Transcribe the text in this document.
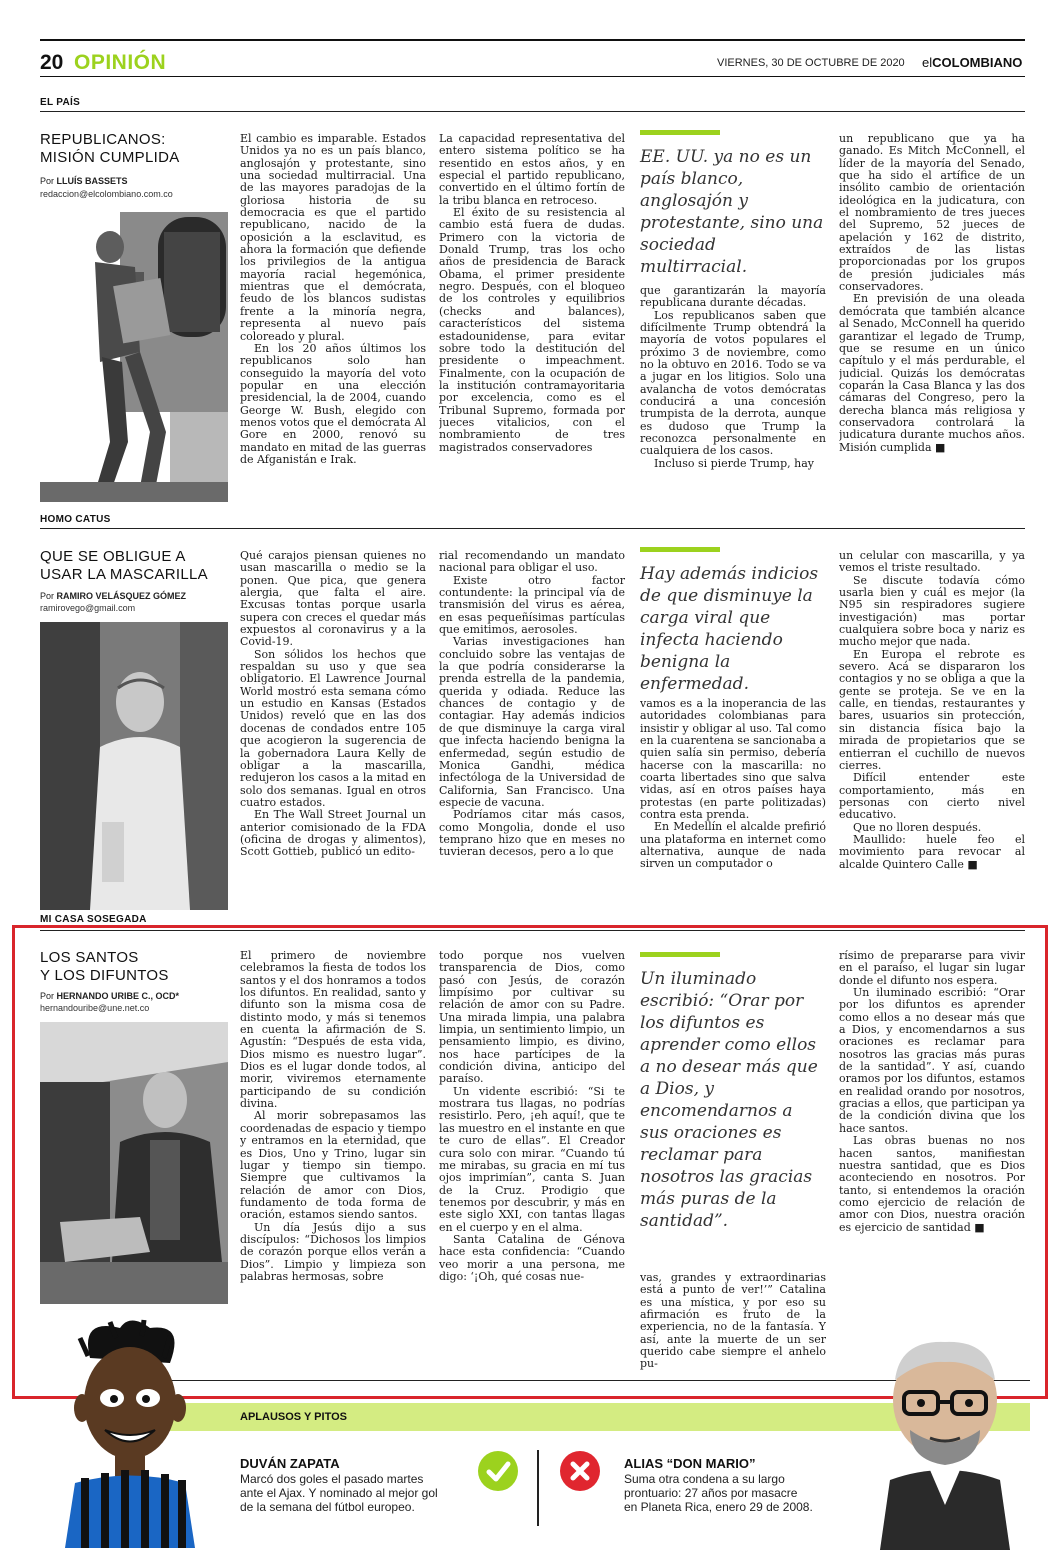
20 OPINIÓN	VIERNES, 30 DE OCTUBRE DE 2020 elCOLOMBIANO
EL PAÍS
REPUBLICANOS:
MISIÓN CUMPLIDA
Por LLUÍS BASSETS
redaccion@elcolombiano.com.co

El cambio es imparable. Estados Unidos ya no es un país blanco, anglosajón y protestante, sino una sociedad multirracial. Una de las mayores paradojas de la gloriosa historia de su democracia es que el partido republicano, nacido de la oposición a la esclavitud, es ahora la formación que defiende los privilegios de la antigua mayoría racial hegemónica, mientras que el demócrata, feudo de los blancos sudistas frente a la minoría negra, representa al nuevo país coloreado y plural.

En los 20 años últimos los republicanos solo han conseguido la mayoría del voto popular en una elección presidencial, la de 2004, cuando George W. Bush, elegido con menos votos que el demócrata Al Gore en 2000, renovó su mandato en mitad de las guerras de Afganistán e Irak.

La capacidad representativa del entero sistema político se ha resentido en estos años, y en especial el partido republicano, convertido en el último fortín de la tribu blanca en retroceso.

El éxito de su resistencia al cambio está fuera de dudas. Primero con la victoria de Donald Trump, tras los ocho años de presidencia de Barack Obama, el primer presidente negro. Después, con el bloqueo de los controles y equilibrios (checks and balances), característicos del sistema estadounidense, para evitar sobre todo la destitución del presidente o impeachment. Finalmente, con la ocupación de la institución contramayoritaria por excelencia, como es el Tribunal Supremo, formada por jueces vitalicios, con el nombramiento de tres magistrados conservadores

EE. UU. ya no es un país blanco, anglosajón y protestante, sino una sociedad multirracial.

que garantizarán la mayoría republicana durante décadas.

Los republicanos saben que difícilmente Trump obtendrá la mayoría de votos populares el próximo 3 de noviembre, como no la obtuvo en 2016. Todo se va a jugar en los litigios. Solo una avalancha de votos demócratas conducirá a una concesión trumpista de la derrota, aunque es dudoso que Trump la reconozca personalmente en cualquiera de los casos.

Incluso si pierde Trump, hay

un republicano que ya ha ganado. Es Mitch McConnell, el líder de la mayoría del Senado, que ha sido el artífice de un insólito cambio de orientación ideológica en la judicatura, con el nombramiento de tres jueces del Supremo, 52 jueces de apelación y 162 de distrito, extraídos de las listas proporcionadas por los grupos de presión judiciales más conservadores.

En previsión de una oleada demócrata que también alcance al Senado, McConnell ha querido garantizar el legado de Trump, que se resume en un único capítulo y el más perdurable, el judicial. Quizás los demócratas coparán la Casa Blanca y las dos cámaras del Congreso, pero la derecha blanca más religiosa y conservadora controlará la judicatura durante muchos años. Misión cumplida ■

HOMO CATUS
QUE SE OBLIGUE A
USAR LA MASCARILLA
Por RAMIRO VELÁSQUEZ GÓMEZ
ramirovego@gmail.com

Qué carajos piensan quienes no usan mascarilla o medio se la ponen. Que pica, que genera alergia, que falta el aire. Excusas tontas porque usarla supera con creces el quedar más expuestos al coronavirus y a la Covid-19.

Son sólidos los hechos que respaldan su uso y que sea obligatorio. El Lawrence Journal World mostró esta semana cómo un estudio en Kansas (Estados Unidos) reveló que en las dos docenas de condados entre 105 que acogieron la sugerencia de la gobernadora Laura Kelly de obligar a la mascarilla, redujeron los casos a la mitad en solo dos semanas. Igual en otros cuatro estados.

En The Wall Street Journal un anterior comisionado de la FDA (oficina de drogas y alimentos), Scott Gottieb, publicó un edito-

rial recomendando un mandato nacional para obligar el uso.

Existe otro factor contundente: la principal vía de transmisión del virus es aérea, en esas pequeñísimas partículas que emitimos, aerosoles.

Varias investigaciones han concluido sobre las ventajas de la que podría considerarse la prenda estrella de la pandemia, querida y odiada. Reduce las chances de contagio y de contagiar. Hay además indicios de que disminuye la carga viral que infecta haciendo benigna la enfermedad, según estudio de Monica Gandhi, médica infectóloga de la Universidad de California, San Francisco. Una especie de vacuna.

Podríamos citar más casos, como Mongolia, donde el uso temprano hizo que en meses no tuvieran decesos, pero a lo que

Hay además indicios de que disminuye la carga viral que infecta haciendo benigna la enfermedad.

vamos es a la inoperancia de las autoridades colombianas para insistir y obligar al uso. Tal como en la cuarentena se sancionaba a quien salía sin permiso, debería hacerse con la mascarilla: no coarta libertades sino que salva vidas, así en otros países haya protestas (en parte politizadas) contra esta prenda.

En Medellín el alcalde prefirió una plataforma en internet como alternativa, aunque de nada sirven un computador o

un celular con mascarilla, y ya vemos el triste resultado.

Se discute todavía cómo usarla bien y cuál es mejor (la N95 sin respiradores sugiere investigación) mas portar cualquiera sobre boca y nariz es mucho mejor que nada.

En Europa el rebrote es severo. Acá se dispararon los contagios y no se obliga a que la gente se proteja. Se ve en la calle, en tiendas, restaurantes y bares, usuarios sin protección, sin distancia física bajo la mirada de propietarios que se entierran el cuchillo de nuevos cierres.

Difícil entender este comportamiento, más en personas con cierto nivel educativo.

Que no lloren después.

Maullido: huele feo el movimiento para revocar al alcalde Quintero Calle ■

MI CASA SOSEGADA
LOS SANTOS
Y LOS DIFUNTOS
Por HERNANDO URIBE C., OCD*
hernandouribe@une.net.co

El primero de noviembre celebramos la fiesta de todos los santos y el dos honramos a todos los difuntos. En realidad, santo y difunto son la misma cosa de distinto modo, y más si tenemos en cuenta la afirmación de S. Agustín: “Después de esta vida, Dios mismo es nuestro lugar”. Dios es el lugar donde todos, al morir, viviremos eternamente participando de su condición divina.

Al morir sobrepasamos las coordenadas de espacio y tiempo y entramos en la eternidad, que es Dios, Uno y Trino, lugar sin lugar y tiempo sin tiempo. Siempre que cultivamos la relación de amor con Dios, fundamento de toda forma de oración, estamos siendo santos.

Un día Jesús dijo a sus discípulos: “Dichosos los limpios de corazón porque ellos verán a Dios”. Limpio y limpieza son palabras hermosas, sobre

todo porque nos vuelven transparencia de Dios, como pasó con Jesús, de corazón limpísimo por cultivar su relación de amor con su Padre. Una mirada limpia, una palabra limpia, un sentimiento limpio, un pensamiento limpio, es divino, nos hace partícipes de la condición divina, anticipo del paraíso.

Un vidente escribió: “Si te mostrara tus llagas, no podrías resistirlo. Pero, ¡eh aquí!, que te las muestro en el instante en que te curo de ellas”. El Creador cura solo con mirar. “Cuando tú me mirabas, su gracia en mí tus ojos imprimían”, canta S. Juan de la Cruz. Prodigio que tenemos por descubrir, y más en este siglo XXI, con tantas llagas en el cuerpo y en el alma.

Santa Catalina de Génova hace esta confidencia: “Cuando veo morir a una persona, me digo: ‘¡Oh, qué cosas nue-

Un iluminado escribió: “Orar por los difuntos es aprender como ellos a no desear más que a Dios, y encomendarnos a sus oraciones es reclamar para nosotros las gracias más puras de la santidad”.

vas, grandes y extraordinarias está a punto de ver!’” Catalina es una mística, y por eso su afirmación es fruto de la experiencia, no de la fantasía. Y así, ante la muerte de un ser querido cabe siempre el anhelo pu-

rísimo de prepararse para vivir en el paraíso, el lugar sin lugar donde el difunto nos espera.

Un iluminado escribió: “Orar por los difuntos es aprender como ellos a no desear más que a Dios, y encomendarnos a sus oraciones es reclamar para nosotros las gracias más puras de la santidad”. Y así, cuando oramos por los difuntos, estamos en realidad orando por nosotros, gracias a ellos, que participan ya de la condición divina que los hace santos.

Las obras buenas no nos hacen santos, manifiestan nuestra santidad, que es Dios aconteciendo en nosotros. Por tanto, si entendemos la oración como ejercicio de relación de amor con Dios, nuestra oración es ejercicio de santidad ■

APLAUSOS Y PITOS
DUVÁN ZAPATA
Marcó dos goles el pasado martes
ante el Ajax. Y nominado al mejor gol
de la semana del fútbol europeo.
ALIAS “DON MARIO”
Suma otra condena a su largo
prontuario: 27 años por masacre
en Planeta Rica, enero 29 de 2008.
